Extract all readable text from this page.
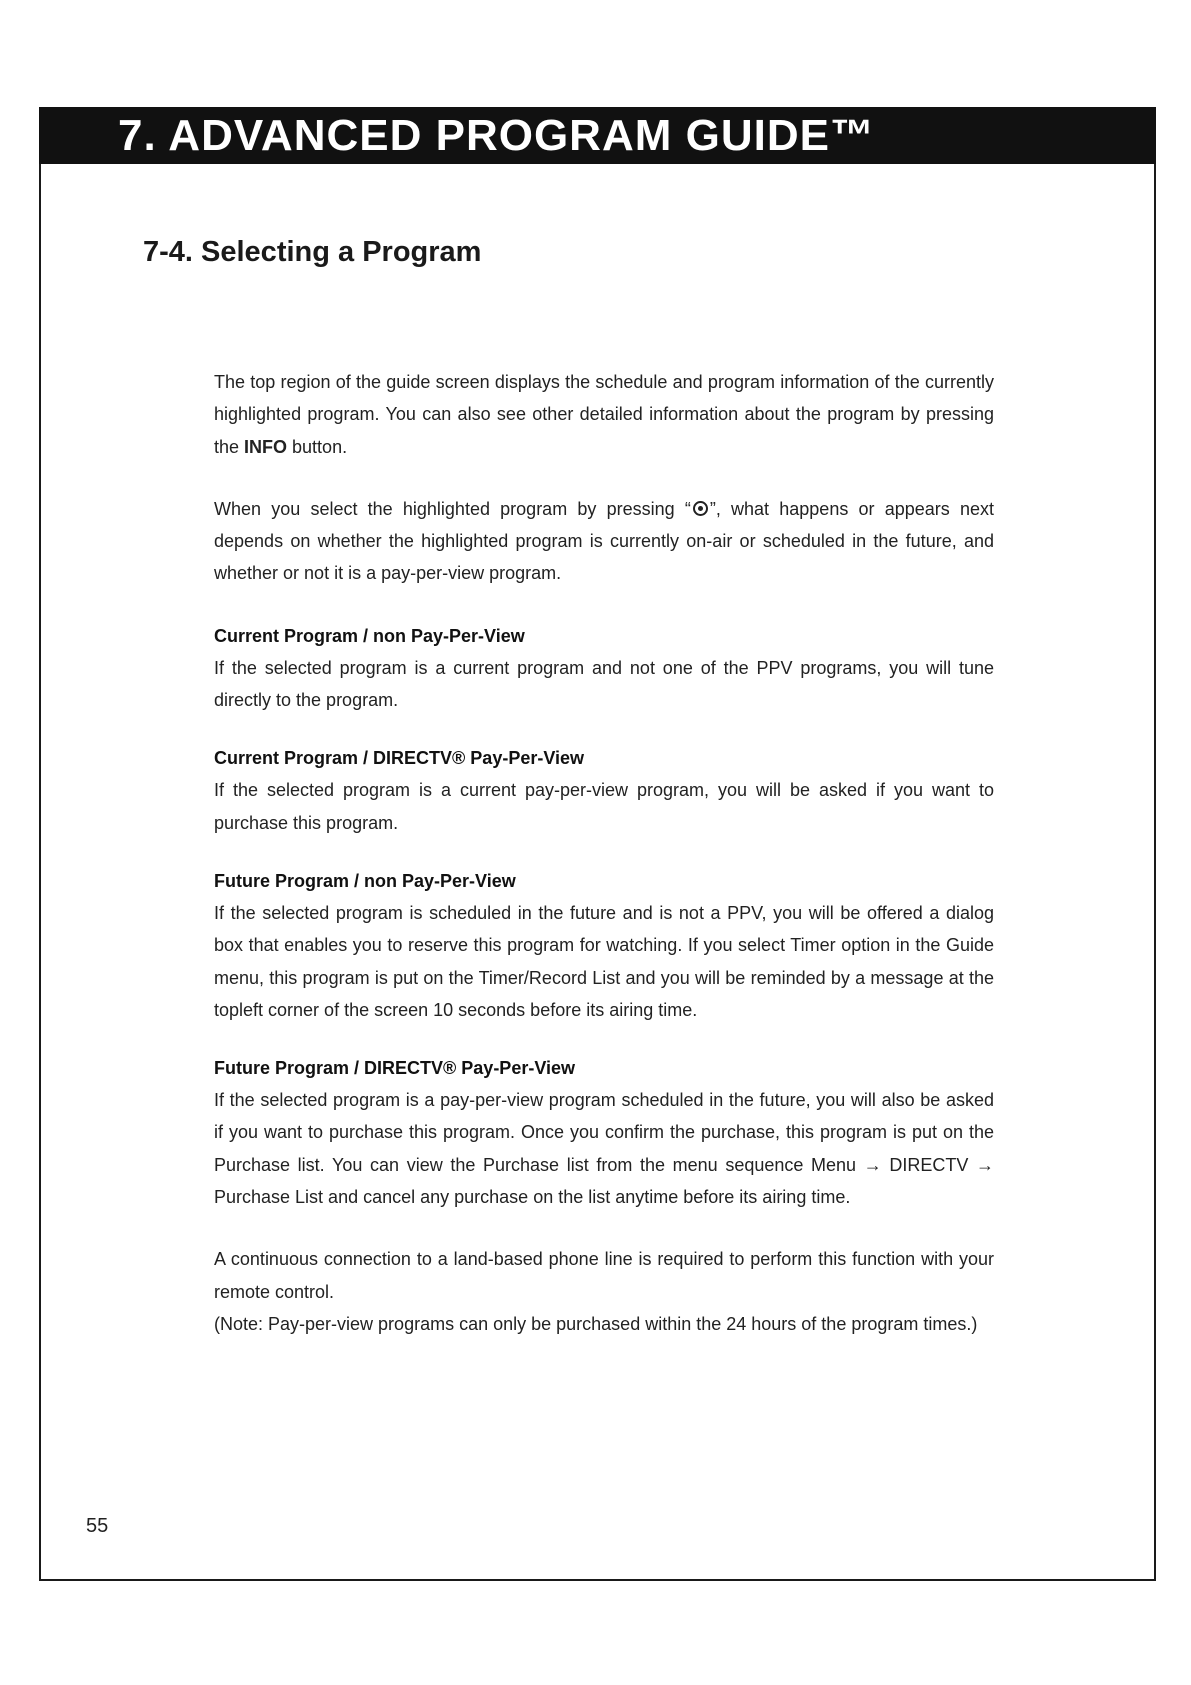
7. ADVANCED PROGRAM GUIDE™
7-4. Selecting a Program

The top region of the guide screen displays the schedule and program information of the currently highlighted program. You can also see other detailed information about the program by pressing the INFO button.

When you select the highlighted program by pressing “ ”, what happens or appears next depends on whether the highlighted program is currently on-air or scheduled in the future, and whether or not it is a pay-per-view program.

Current Program / non Pay-Per-View

If the selected program is a current program and not one of the PPV programs, you will tune directly to the program.

Current Program / DIRECTV® Pay-Per-View

If the selected program is a current pay-per-view program, you will be asked if you want to purchase this program.

Future Program / non Pay-Per-View

If the selected program is scheduled in the future and is not a PPV, you will be offered a dialog box that enables you to reserve this program for watching. If you select Timer option in the Guide menu, this program is put on the Timer/Record List and you will be reminded by a message at the topleft corner of the screen 10 seconds before its airing time.

Future Program / DIRECTV® Pay-Per-View

If the selected program is a pay-per-view program scheduled in the future, you will also be asked if you want to purchase this program. Once you confirm the purchase, this program is put on the Purchase list. You can view the Purchase list from the menu sequence Menu → DIRECTV → Purchase List and cancel any purchase on the list anytime before its airing time.

A continuous connection to a land-based phone line is required to perform this function with your remote control.

(Note: Pay-per-view programs can only be purchased within the 24 hours of the program times.)

55
